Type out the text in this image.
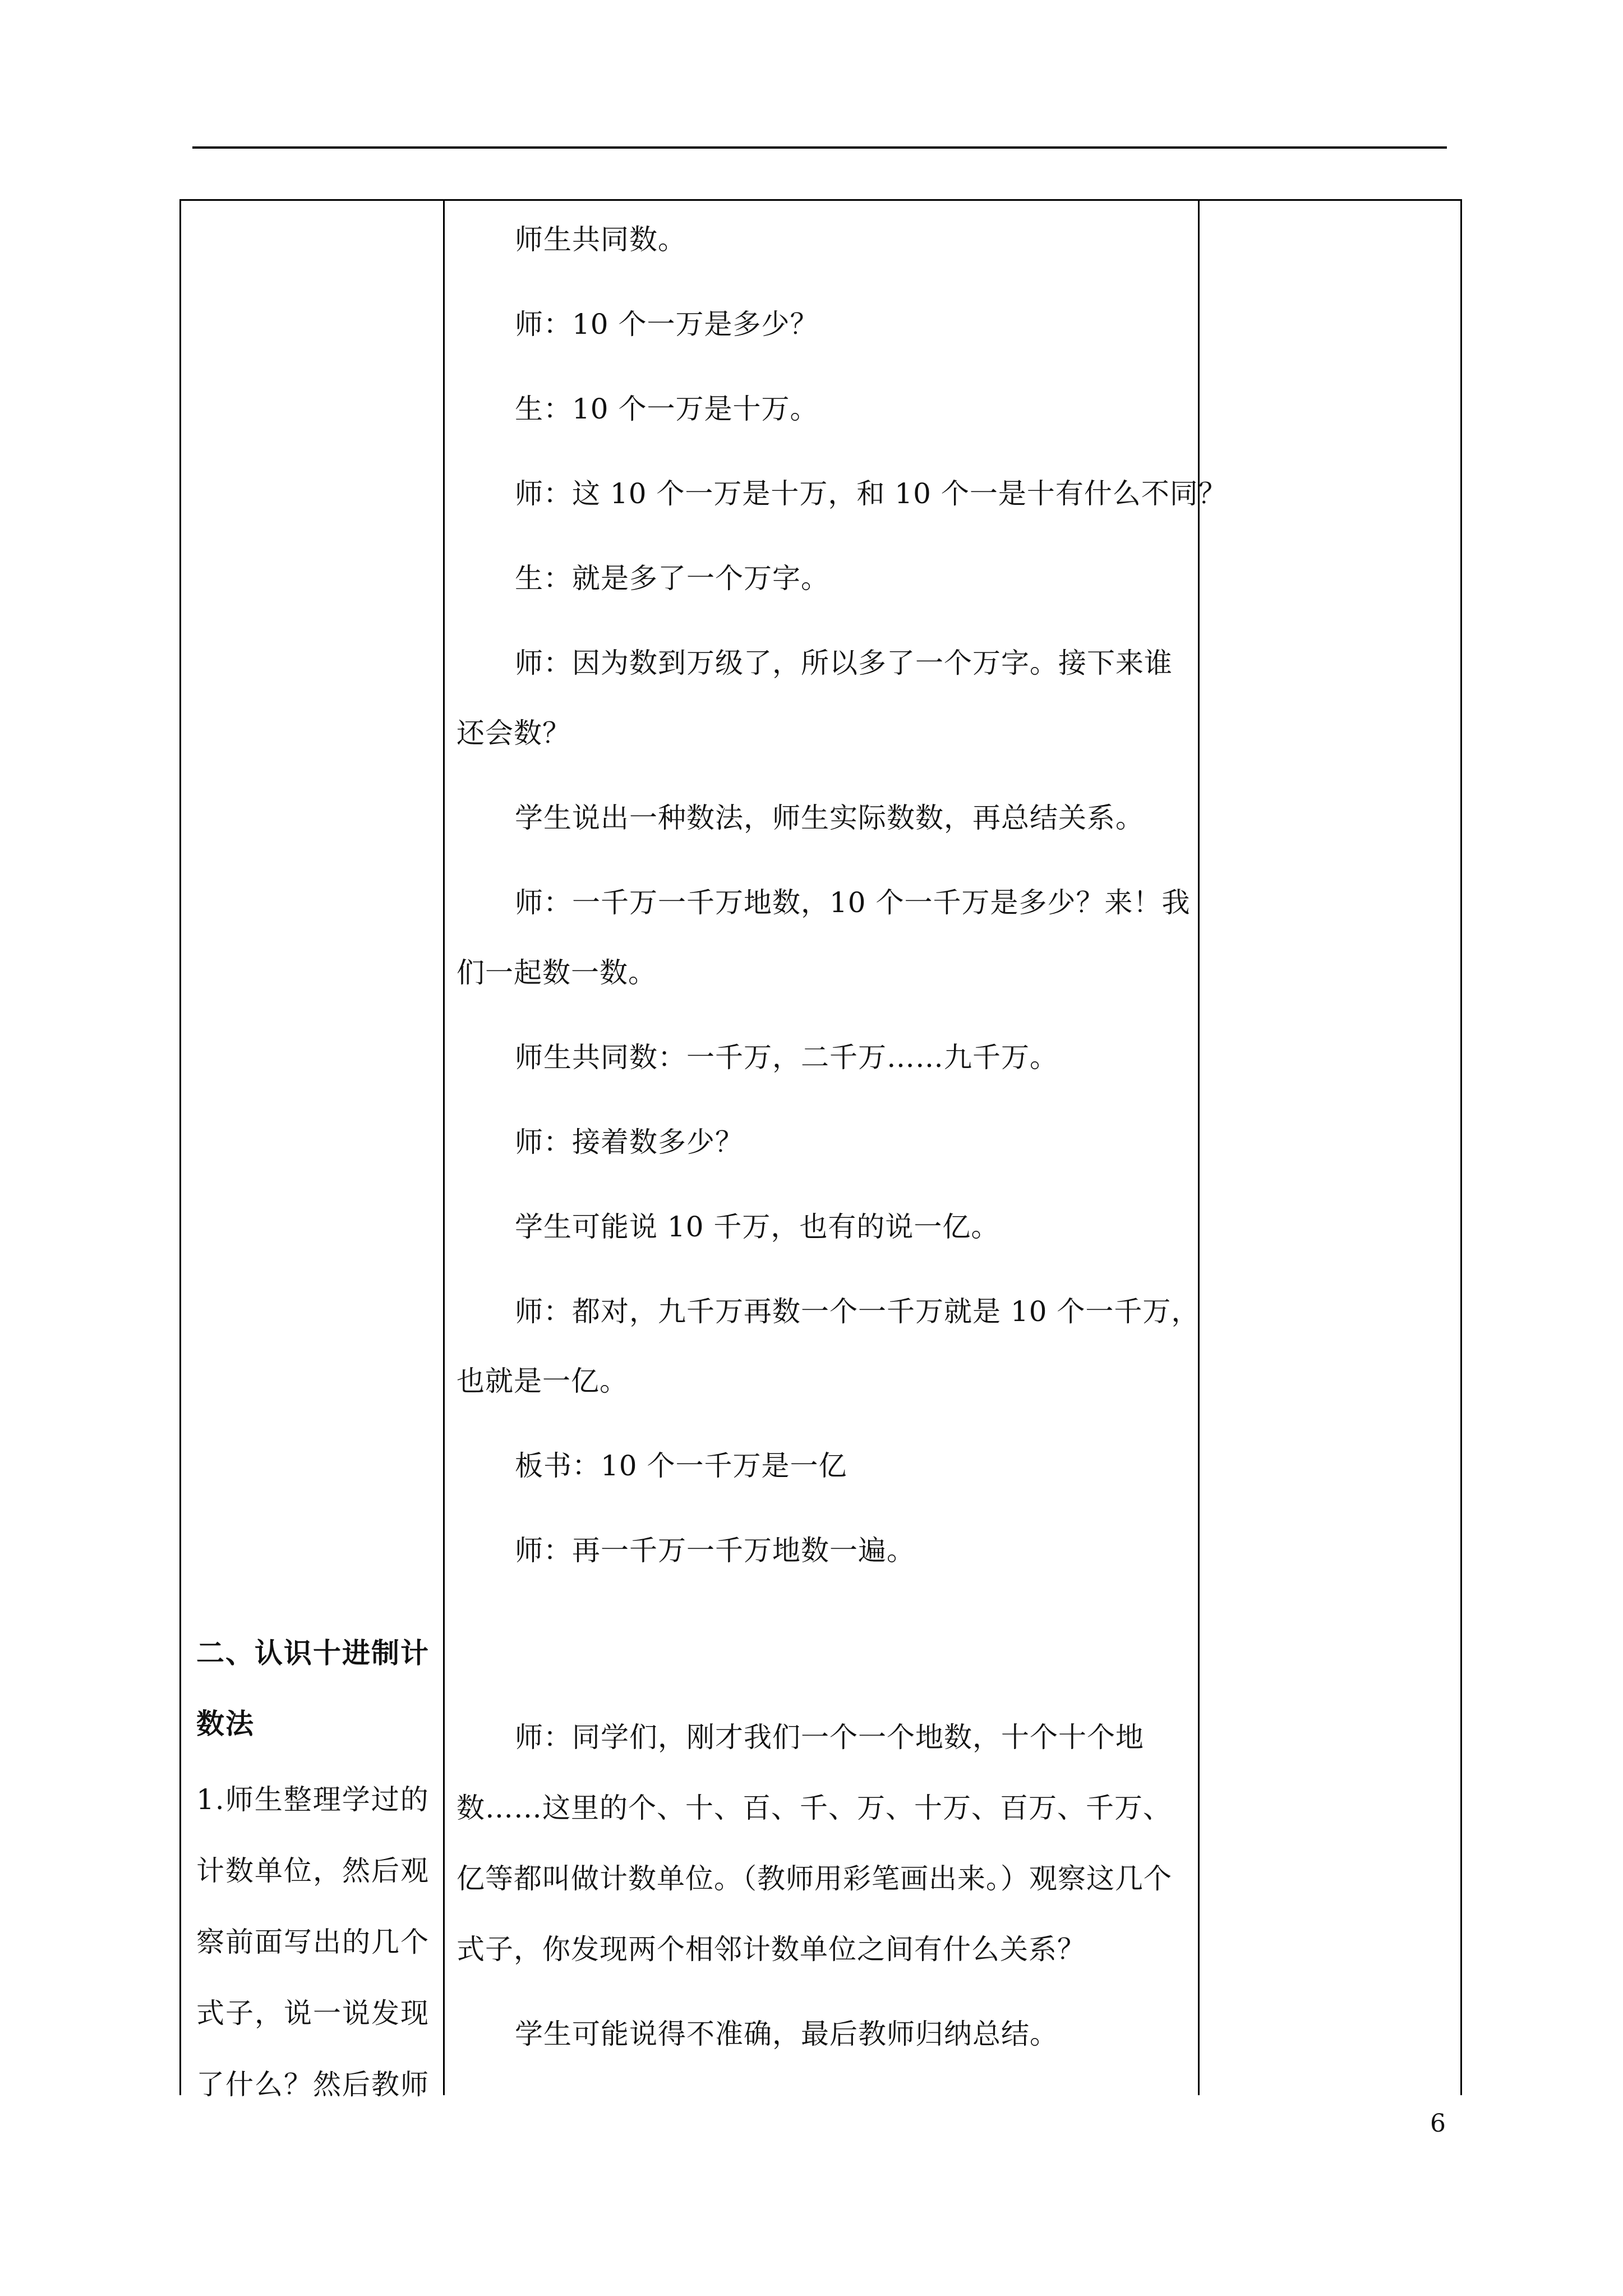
师生共同数。
师：10 个一万是多少？
生：10 个一万是十万。
师：这 10 个一万是十万，和 10 个一是十有什么不同？
生：就是多了一个万字。
师：因为数到万级了，所以多了一个万字。接下来谁
还会数？
学生说出一种数法，师生实际数数，再总结关系。
师：一千万一千万地数，10 个一千万是多少？来！我
们一起数一数。
师生共同数：一千万，二千万……九千万。
师：接着数多少？
学生可能说 10 千万，也有的说一亿。
师：都对，九千万再数一个一千万就是 10 个一千万，
也就是一亿。
板书：10 个一千万是一亿
师：再一千万一千万地数一遍。
师：同学们，刚才我们一个一个地数，十个十个地
数……这里的个、十、百、千、万、十万、百万、千万、
亿等都叫做计数单位。（教师用彩笔画出来。）观察这几个
式子，你发现两个相邻计数单位之间有什么关系？
学生可能说得不准确，最后教师归纳总结。
二、认识十进制计
数法
1.师生整理学过的
计数单位，然后观
察前面写出的几个
式子，说一说发现
了什么？然后教师
6
